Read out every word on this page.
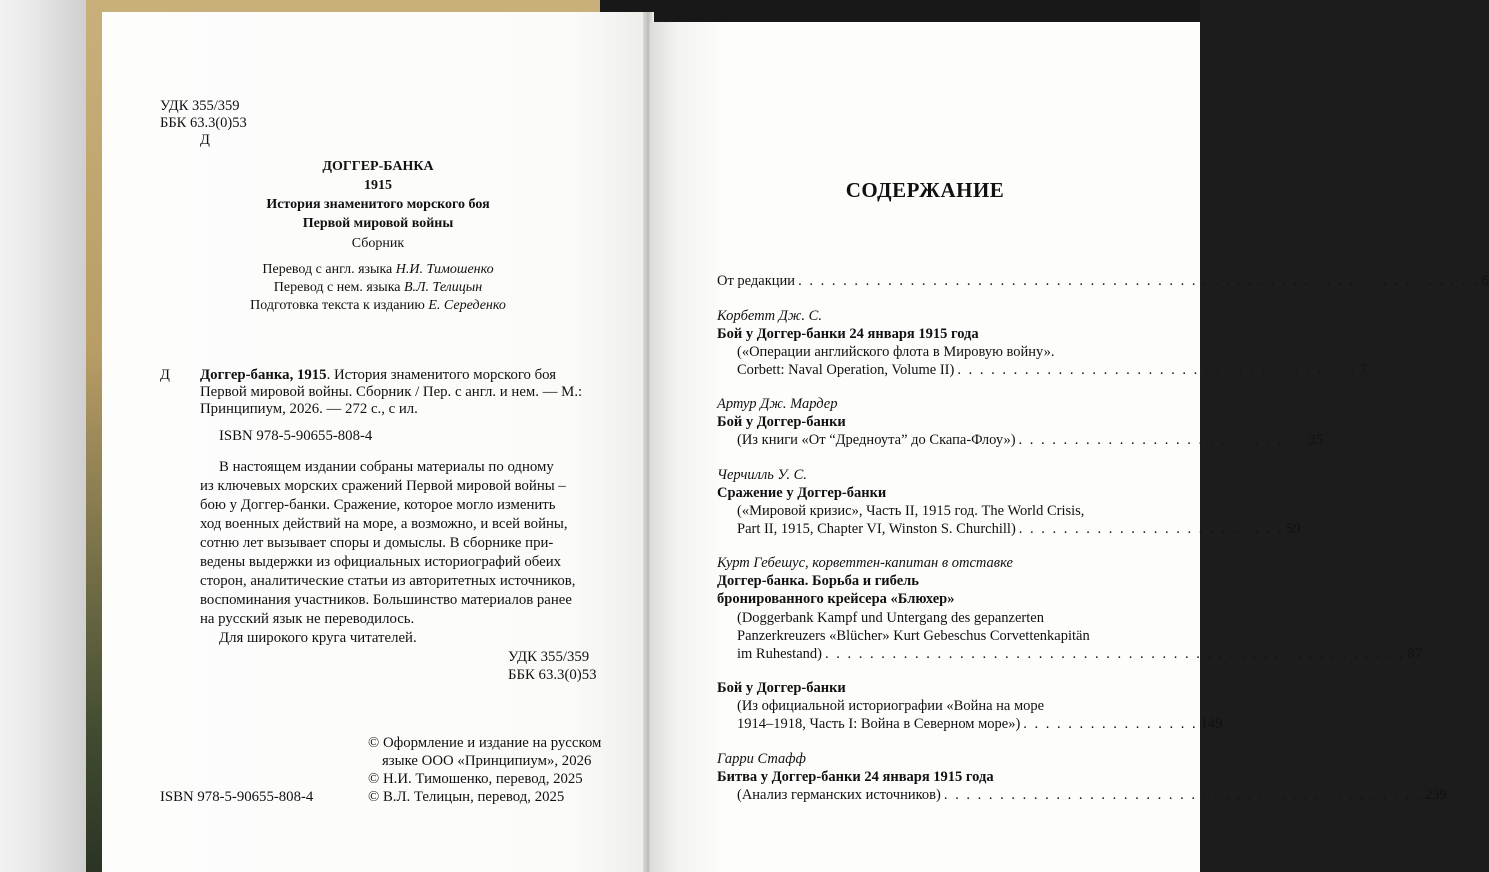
УДК 355/359
ББК 63.3(0)53
Д
ДОГГЕР-БАНКА
1915
История знаменитого морского боя
Первой мировой войны
Сборник
Перевод с англ. языка Н.И. Тимошенко
Перевод с нем. языка В.Л. Телицын
Подготовка текста к изданию Е. Середенко
Д Доггер-банка, 1915. История знаменитого морского боя
Первой мировой войны. Сборник / Пер. с англ. и нем. — М.:
Принципиум, 2026. — 272 с., с ил.
ISBN 978-5-90655-808-4
В настоящем издании собраны материалы по одному
из ключевых морских сражений Первой мировой войны –
бою у Доггер-банки. Сражение, которое могло изменить
ход военных действий на море, а возможно, и всей войны,
сотню лет вызывает споры и домыслы. В сборнике при-
ведены выдержки из официальных историографий обеих
сторон, аналитические статьи из авторитетных источников,
воспоминания участников. Большинство материалов ранее
на русский язык не переводилось.
Для широкого круга читателей.
УДК 355/359
ББК 63.3(0)53
© Оформление и издание на русском
языке ООО «Принципиум», 2026
© Н.И. Тимошенко, перевод, 2025
© В.Л. Телицын, перевод, 2025
ISBN 978-5-90655-808-4
СОДЕРЖАНИЕ
От редакции . . . . . . . . . . . . . . . . . . . . . . . . . . . . . . . . . . . . . . . . . . . . . . . . . . . . . . . . . . . . . 6
Корбетт Дж. С.
Бой у Доггер-банки 24 января 1915 года
(«Операции английского флота в Мировую войну».
Corbett: Naval Operation, Volume II) . . . . . . . . . . . . . . . . . . . . . . . . . . . . . . . . . . . . 7
Артур Дж. Мардер
Бой у Доггер-банки
(Из книги «От “Дредноута” до Скапа-Флоу») . . . . . . . . . . . . . . . . . . . . . . . . . . 35
Черчилль У. С.
Сражение у Доггер-банки
(«Мировой кризис», Часть II, 1915 год. The World Crisis,
Part II, 1915, Chapter VI, Winston S. Churchill) . . . . . . . . . . . . . . . . . . . . . . . . 59
Курт Гебешус, корветтен-капитан в отставке
Доггер-банка. Борьба и гибель
бронированного крейсера «Блюхер»
(Doggerbank Kampf und Untergang des gepanzerten
Panzerkreuzers «Blücher» Kurt Gebeschus Corvettenkapitän
im Ruhestand) . . . . . . . . . . . . . . . . . . . . . . . . . . . . . . . . . . . . . . . . . . . . . . . . . . . . 87
Бой у Доггер-банки
(Из официальной историографии «Война на море
1914–1918, Часть I: Война в Северном море») . . . . . . . . . . . . . . . . 149
Гарри Стафф
Битва у Доггер-банки 24 января 1915 года
(Анализ германских источников) . . . . . . . . . . . . . . . . . . . . . . . . . . . . . . . . . . . . . . . . . . . 239
